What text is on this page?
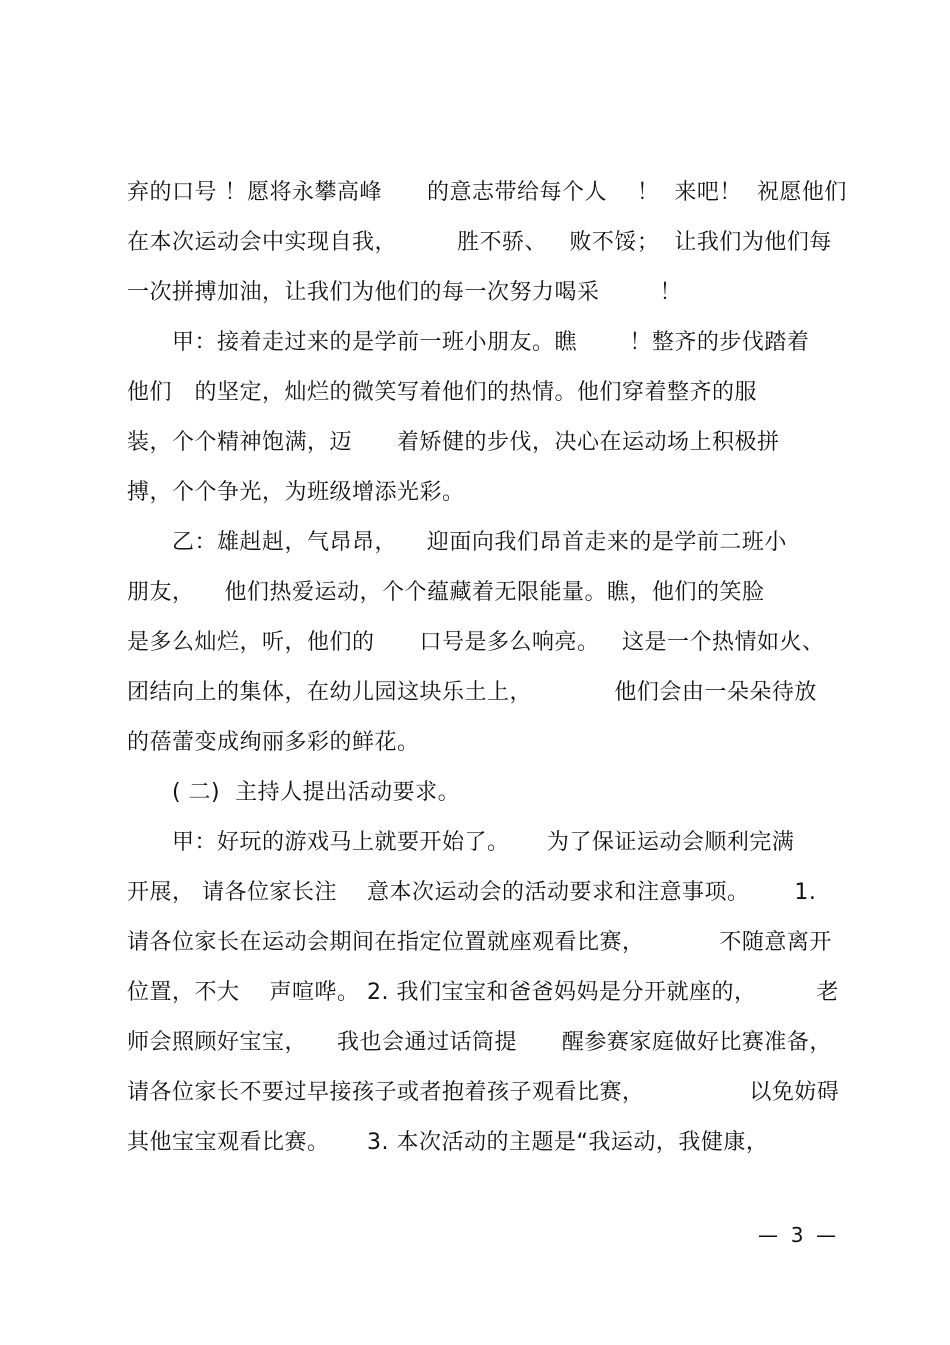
弃的口号 ！愿将永攀高峰      的意志带给每个人    ！  来吧！  祝愿他们
在本次运动会中实现自我，        胜不骄、   败不馁；  让我们为他们每
一次拼搏加油，让我们为他们的每一次努力喝采        ！
甲：接着走过来的是学前一班小朋友。瞧       ！整齐的步伐踏着
他们   的坚定，灿烂的微笑写着他们的热情。他们穿着整齐的服
装，个个精神饱满，迈      着矫健的步伐，决心在运动场上积极拼
搏，个个争光，为班级增添光彩。
乙：雄赳赳，气昂昂，    迎面向我们昂首走来的是学前二班小
朋友，    他们热爱运动，个个蕴藏着无限能量。瞧，他们的笑脸
是多么灿烂，听，他们的      口号是多么响亮。   这是一个热情如火、
团结向上的集体，在幼儿园这块乐土上，           他们会由一朵朵待放
的蓓蕾变成绚丽多彩的鲜花。
( 二)  主持人提出活动要求。
甲：好玩的游戏马上就要开始了。     为了保证运动会顺利完满
开展， 请各位家长注    意本次运动会的活动要求和注意事项。      1.
请各位家长在运动会期间在指定位置就座观看比赛，          不随意离开
位置，不大    声喧哗。 2. 我们宝宝和爸爸妈妈是分开就座的，        老
师会照顾好宝宝，    我也会通过话筒提      醒参赛家庭做好比赛准备，
请各位家长不要过早接孩子或者抱着孩子观看比赛，              以免妨碍
其他宝宝观看比赛。     3. 本次活动的主题是“我运动，我健康，
—  3  —
